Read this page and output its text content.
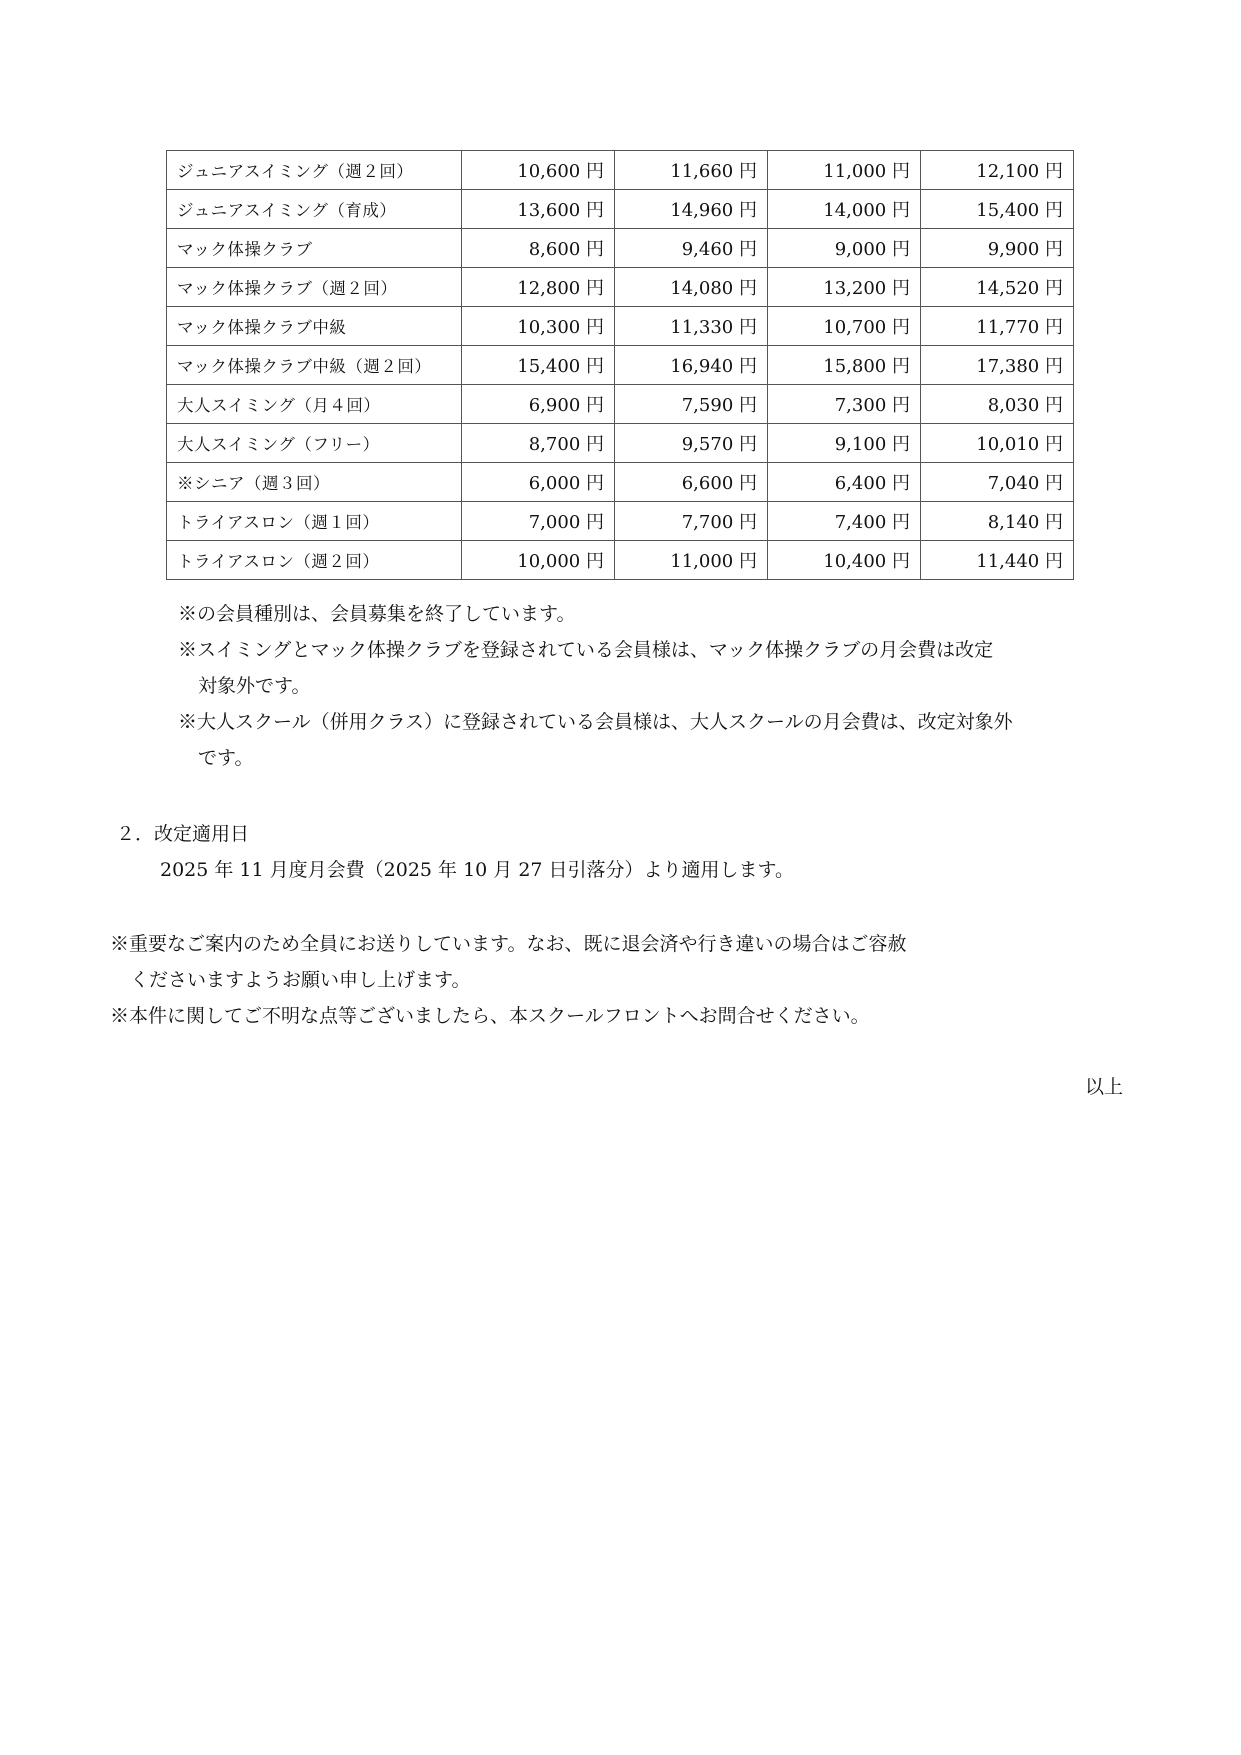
ジュニアスイミング（週２回）	10,600 円	11,660 円	11,000 円	12,100 円
ジュニアスイミング（育成）	13,600 円	14,960 円	14,000 円	15,400 円
マック体操クラブ	8,600 円	9,460 円	9,000 円	9,900 円
マック体操クラブ（週２回）	12,800 円	14,080 円	13,200 円	14,520 円
マック体操クラブ中級	10,300 円	11,330 円	10,700 円	11,770 円
マック体操クラブ中級（週２回）	15,400 円	16,940 円	15,800 円	17,380 円
大人スイミング（月４回）	6,900 円	7,590 円	7,300 円	8,030 円
大人スイミング（フリー）	8,700 円	9,570 円	9,100 円	10,010 円
※シニア（週３回）	6,000 円	6,600 円	6,400 円	7,040 円
トライアスロン（週１回）	7,000 円	7,700 円	7,400 円	8,140 円
トライアスロン（週２回）	10,000 円	11,000 円	10,400 円	11,440 円
※の会員種別は、会員募集を終了しています。
※スイミングとマック体操クラブを登録されている会員様は、マック体操クラブの月会費は改定
対象外です。
※大人スクール（併用クラス）に登録されている会員様は、大人スクールの月会費は、改定対象外
です。
２．改定適用日
2025 年 11 月度月会費（2025 年 10 月 27 日引落分）より適用します。
※重要なご案内のため全員にお送りしています。なお、既に退会済や行き違いの場合はご容赦
くださいますようお願い申し上げます。
※本件に関してご不明な点等ございましたら、本スクールフロントへお問合せください。
以上
